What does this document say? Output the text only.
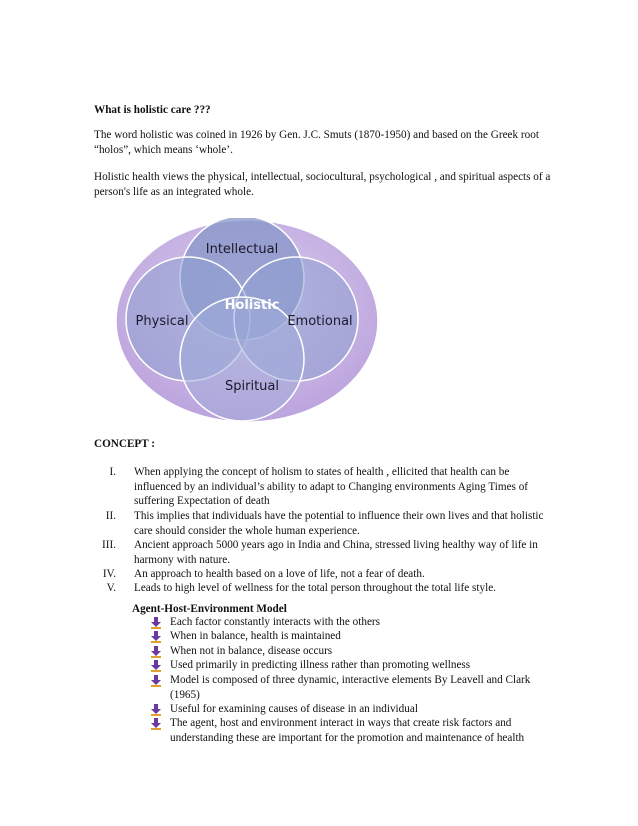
What is holistic care ???

The word holistic was coined in 1926 by Gen. J.C. Smuts (1870-1950) and based on the Greek root “holos”, which means ‘whole’.

Holistic health views the physical, intellectual, sociocultural, psychological , and spiritual aspects of a person's life as an integrated whole.

Intellectual
Physical	Emotional
Spiritual
Holistic

CONCEPT :

I. When applying the concept of holism to states of health , ellicited that health can be influenced by an individual’s ability to adapt to Changing environments Aging Times of suffering Expectation of death
II. This implies that individuals have the potential to influence their own lives and that holistic care should consider the whole human experience.
III. Ancient approach 5000 years ago in India and China, stressed living healthy way of life in harmony with nature.
IV. An approach to health based on a love of life, not a fear of death.
V. Leads to high level of wellness for the total person throughout the total life style.

Agent-Host-Environment Model

Each factor constantly interacts with the others
When in balance, health is maintained
When not in balance, disease occurs
Used primarily in predicting illness rather than promoting wellness
Model is composed of three dynamic, interactive elements By Leavell and Clark (1965)
Useful for examining causes of disease in an individual
The agent, host and environment interact in ways that create risk factors and understanding these are important for the promotion and maintenance of health
